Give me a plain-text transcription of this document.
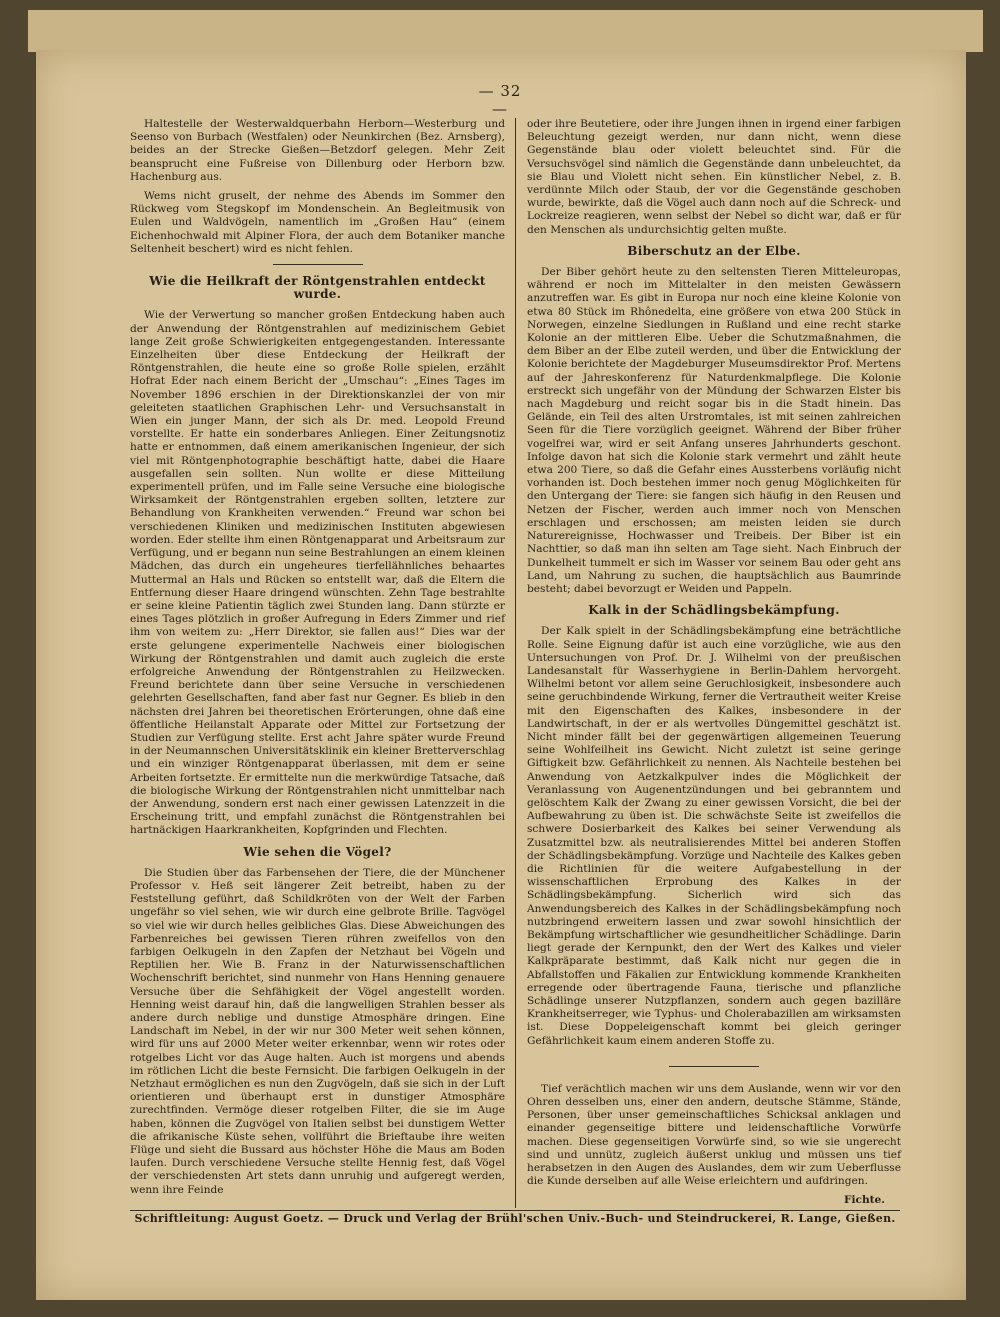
— 32 —

Haltestelle der Westerwaldquerbahn Herborn—Westerburg und Seenso von Burbach (Westfalen) oder Neunkirchen (Bez. Arnsberg), beides an der Strecke Gießen—Betzdorf gelegen. Mehr Zeit beansprucht eine Fußreise von Dillenburg oder Herborn bzw. Hachenburg aus.

Wems nicht gruselt, der nehme des Abends im Sommer den Rückweg vom Stegskopf im Mondenschein. An Begleitmusik von Eulen und Waldvögeln, namentlich im „Großen Hau“ (einem Eichenhochwald mit Alpiner Flora, der auch dem Botaniker manche Seltenheit beschert) wird es nicht fehlen.

Wie die Heilkraft der Röntgenstrahlen entdeckt wurde.

Wie der Verwertung so mancher großen Entdeckung haben auch der Anwendung der Röntgenstrahlen auf medizinischem Gebiet lange Zeit große Schwierigkeiten entgegengestanden. Interessante Einzelheiten über diese Entdeckung der Heilkraft der Röntgenstrahlen, die heute eine so große Rolle spielen, erzählt Hofrat Eder nach einem Bericht der „Umschau“: „Eines Tages im November 1896 erschien in der Direktionskanzlei der von mir geleiteten staatlichen Graphischen Lehr- und Versuchsanstalt in Wien ein junger Mann, der sich als Dr. med. Leopold Freund vorstellte. Er hatte ein sonderbares Anliegen. Einer Zeitungsnotiz hatte er entnommen, daß einem amerikanischen Ingenieur, der sich viel mit Röntgenphotographie beschäftigt hatte, dabei die Haare ausgefallen sein sollten. Nun wollte er diese Mitteilung experimentell prüfen, und im Falle seine Versuche eine biologische Wirksamkeit der Röntgenstrahlen ergeben sollten, letztere zur Behandlung von Krankheiten verwenden.“ Freund war schon bei verschiedenen Kliniken und medizinischen Instituten abgewiesen worden. Eder stellte ihm einen Röntgenapparat und Arbeitsraum zur Verfügung, und er begann nun seine Bestrahlungen an einem kleinen Mädchen, das durch ein ungeheures tierfellähnliches behaartes Muttermal an Hals und Rücken so entstellt war, daß die Eltern die Entfernung dieser Haare dringend wünschten. Zehn Tage bestrahlte er seine kleine Patientin täglich zwei Stunden lang. Dann stürzte er eines Tages plötzlich in großer Aufregung in Eders Zimmer und rief ihm von weitem zu: „Herr Direktor, sie fallen aus!“ Dies war der erste gelungene experimentelle Nachweis einer biologischen Wirkung der Röntgenstrahlen und damit auch zugleich die erste erfolgreiche Anwendung der Röntgenstrahlen zu Heilzwecken. Freund berichtete dann über seine Versuche in verschiedenen gelehrten Gesellschaften, fand aber fast nur Gegner. Es blieb in den nächsten drei Jahren bei theoretischen Erörterungen, ohne daß eine öffentliche Heilanstalt Apparate oder Mittel zur Fortsetzung der Studien zur Verfügung stellte. Erst acht Jahre später wurde Freund in der Neumannschen Universitätsklinik ein kleiner Bretterverschlag und ein winziger Röntgenapparat überlassen, mit dem er seine Arbeiten fortsetzte. Er ermittelte nun die merkwürdige Tatsache, daß die biologische Wirkung der Röntgenstrahlen nicht unmittelbar nach der Anwendung, sondern erst nach einer gewissen Latenzzeit in die Erscheinung tritt, und empfahl zunächst die Röntgenstrahlen bei hartnäckigen Haarkrankheiten, Kopfgrinden und Flechten.

Wie sehen die Vögel?

Die Studien über das Farbensehen der Tiere, die der Münchener Professor v. Heß seit längerer Zeit betreibt, haben zu der Feststellung geführt, daß Schildkröten von der Welt der Farben ungefähr so viel sehen, wie wir durch eine gelbrote Brille. Tagvögel so viel wie wir durch helles gelbliches Glas. Diese Abweichungen des Farbenreiches bei gewissen Tieren rühren zweifellos von den farbigen Oelkugeln in den Zapfen der Netzhaut bei Vögeln und Reptilien her. Wie B. Franz in der Naturwissenschaftlichen Wochenschrift berichtet, sind nunmehr von Hans Henning genauere Versuche über die Sehfähigkeit der Vögel angestellt worden. Henning weist darauf hin, daß die langwelligen Strahlen besser als andere durch neblige und dunstige Atmosphäre dringen. Eine Landschaft im Nebel, in der wir nur 300 Meter weit sehen können, wird für uns auf 2000 Meter weiter erkennbar, wenn wir rotes oder rotgelbes Licht vor das Auge halten. Auch ist morgens und abends im rötlichen Licht die beste Fernsicht. Die farbigen Oelkugeln in der Netzhaut ermöglichen es nun den Zugvögeln, daß sie sich in der Luft orientieren und überhaupt erst in dunstiger Atmosphäre zurechtfinden. Vermöge dieser rotgelben Filter, die sie im Auge haben, können die Zugvögel von Italien selbst bei dunstigem Wetter die afrikanische Küste sehen, vollführt die Brieftaube ihre weiten Flüge und sieht die Bussard aus höchster Höhe die Maus am Boden laufen. Durch verschiedene Versuche stellte Hennig fest, daß Vögel der verschiedensten Art stets dann unruhig und aufgeregt werden, wenn ihre Feinde

oder ihre Beutetiere, oder ihre Jungen ihnen in irgend einer farbigen Beleuchtung gezeigt werden, nur dann nicht, wenn diese Gegenstände blau oder violett beleuchtet sind. Für die Versuchsvögel sind nämlich die Gegenstände dann unbeleuchtet, da sie Blau und Violett nicht sehen. Ein künstlicher Nebel, z. B. verdünnte Milch oder Staub, der vor die Gegenstände geschoben wurde, bewirkte, daß die Vögel auch dann noch auf die Schreck- und Lockreize reagieren, wenn selbst der Nebel so dicht war, daß er für den Menschen als undurchsichtig gelten mußte.

Biberschutz an der Elbe.

Der Biber gehört heute zu den seltensten Tieren Mitteleuropas, während er noch im Mittelalter in den meisten Gewässern anzutreffen war. Es gibt in Europa nur noch eine kleine Kolonie von etwa 80 Stück im Rhônedelta, eine größere von etwa 200 Stück in Norwegen, einzelne Siedlungen in Rußland und eine recht starke Kolonie an der mittleren Elbe. Ueber die Schutzmaßnahmen, die dem Biber an der Elbe zuteil werden, und über die Entwicklung der Kolonie berichtete der Magdeburger Museumsdirektor Prof. Mertens auf der Jahreskonferenz für Naturdenkmalpflege. Die Kolonie erstreckt sich ungefähr von der Mündung der Schwarzen Elster bis nach Magdeburg und reicht sogar bis in die Stadt hinein. Das Gelände, ein Teil des alten Urstromtales, ist mit seinen zahlreichen Seen für die Tiere vorzüglich geeignet. Während der Biber früher vogelfrei war, wird er seit Anfang unseres Jahrhunderts geschont. Infolge davon hat sich die Kolonie stark vermehrt und zählt heute etwa 200 Tiere, so daß die Gefahr eines Aussterbens vorläufig nicht vorhanden ist. Doch bestehen immer noch genug Möglichkeiten für den Untergang der Tiere: sie fangen sich häufig in den Reusen und Netzen der Fischer, werden auch immer noch von Menschen erschlagen und erschossen; am meisten leiden sie durch Naturereignisse, Hochwasser und Treibeis. Der Biber ist ein Nachttier, so daß man ihn selten am Tage sieht. Nach Einbruch der Dunkelheit tummelt er sich im Wasser vor seinem Bau oder geht ans Land, um Nahrung zu suchen, die hauptsächlich aus Baumrinde besteht; dabei bevorzugt er Weiden und Pappeln.

Kalk in der Schädlingsbekämpfung.

Der Kalk spielt in der Schädlingsbekämpfung eine beträchtliche Rolle. Seine Eignung dafür ist auch eine vorzügliche, wie aus den Untersuchungen von Prof. Dr. J. Wilhelmi von der preußischen Landesanstalt für Wasserhygiene in Berlin-Dahlem hervorgeht. Wilhelmi betont vor allem seine Geruchlosigkeit, insbesondere auch seine geruchbindende Wirkung, ferner die Vertrautheit weiter Kreise mit den Eigenschaften des Kalkes, insbesondere in der Landwirtschaft, in der er als wertvolles Düngemittel geschätzt ist. Nicht minder fällt bei der gegenwärtigen allgemeinen Teuerung seine Wohlfeilheit ins Gewicht. Nicht zuletzt ist seine geringe Giftigkeit bzw. Gefährlichkeit zu nennen. Als Nachteile bestehen bei Anwendung von Aetzkalkpulver indes die Möglichkeit der Veranlassung von Augenentzündungen und bei gebranntem und gelöschtem Kalk der Zwang zu einer gewissen Vorsicht, die bei der Aufbewahrung zu üben ist. Die schwächste Seite ist zweifellos die schwere Dosierbarkeit des Kalkes bei seiner Verwendung als Zusatzmittel bzw. als neutralisierendes Mittel bei anderen Stoffen der Schädlingsbekämpfung. Vorzüge und Nachteile des Kalkes geben die Richtlinien für die weitere Aufgabestellung in der wissenschaftlichen Erprobung des Kalkes in der Schädlingsbekämpfung. Sicherlich wird sich das Anwendungsbereich des Kalkes in der Schädlingsbekämpfung noch nutzbringend erweitern lassen und zwar sowohl hinsichtlich der Bekämpfung wirtschaftlicher wie gesundheitlicher Schädlinge. Darin liegt gerade der Kernpunkt, den der Wert des Kalkes und vieler Kalkpräparate bestimmt, daß Kalk nicht nur gegen die in Abfallstoffen und Fäkalien zur Entwicklung kommende Krankheiten erregende oder übertragende Fauna, tierische und pflanzliche Schädlinge unserer Nutzpflanzen, sondern auch gegen bazilläre Krankheitserreger, wie Typhus- und Cholerabazillen am wirksamsten ist. Diese Doppeleigenschaft kommt bei gleich geringer Gefährlichkeit kaum einem anderen Stoffe zu.

Tief verächtlich machen wir uns dem Auslande, wenn wir vor den Ohren desselben uns, einer den andern, deutsche Stämme, Stände, Personen, über unser gemeinschaftliches Schicksal anklagen und einander gegenseitige bittere und leidenschaftliche Vorwürfe machen. Diese gegenseitigen Vorwürfe sind, so wie sie ungerecht sind und unnütz, zugleich äußerst unklug und müssen uns tief herabsetzen in den Augen des Auslandes, dem wir zum Ueberflusse die Kunde derselben auf alle Weise erleichtern und aufdringen.

Fichte.
Schriftleitung: August Goetz. — Druck und Verlag der Brühl'schen Univ.-Buch- und Steindruckerei, R. Lange, Gießen.
